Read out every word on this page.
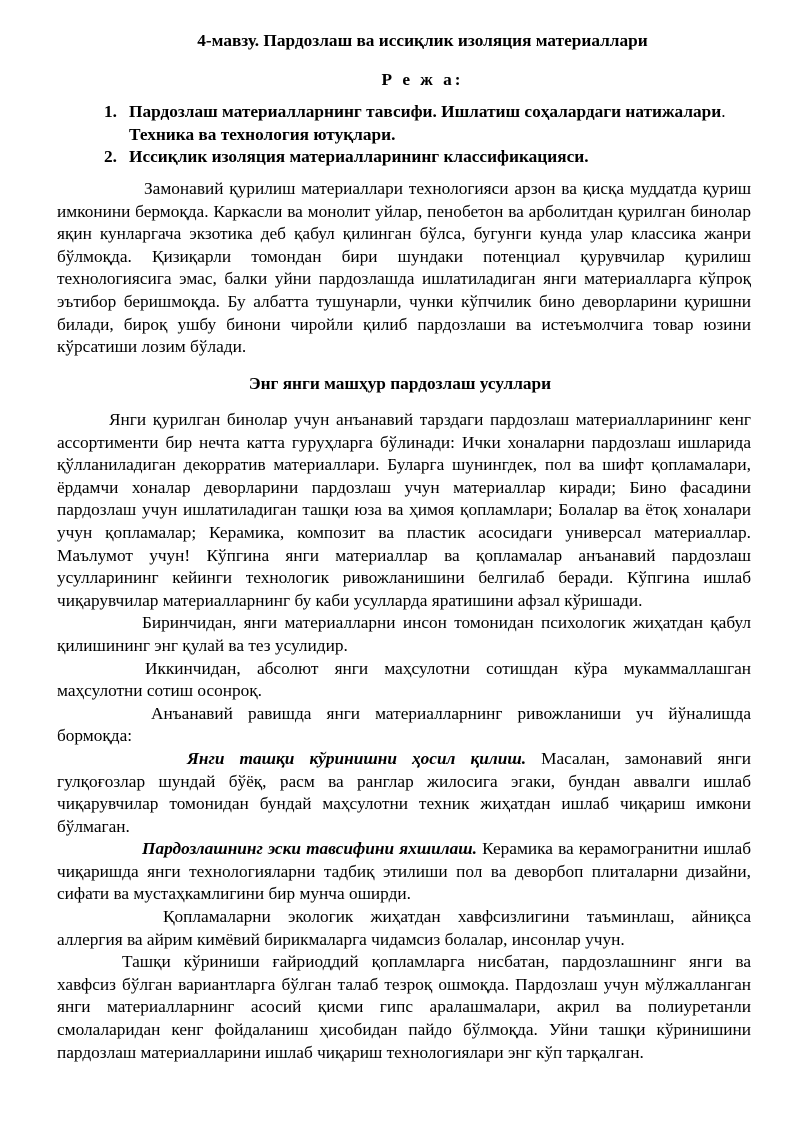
4-мавзу. Пардозлаш ва иссиқлик изоляция материаллари
Р е ж а:
1. Пардозлаш материалларнинг тавсифи. Ишлатиш соҳалардаги натижалари.
Техника ва технология ютуқлари.
2. Иссиқлик изоляция материалларининг классификацияси.

Замонавий қурилиш материаллари технологияси арзон ва қисқа муддатда қуриш имконини бермоқда. Каркасли ва монолит уйлар, пенобетон ва арболитдан қурилган бинолар яқин кунларгача экзотика деб қабул қилинган бўлса, бугунги кунда улар классика жанри бўлмоқда. Қизиқарли томондан бири шундаки потенциал қурувчилар қурилиш технологиясига эмас, балки уйни пардозлашда ишлатиладиган янги материалларга кўпроқ эътибор беришмоқда. Бу албатта тушунарли, чунки кўпчилик бино деворларини қуришни билади, бироқ ушбу бинони чиройли қилиб пардозлаши ва истеъмолчига товар юзини кўрсатиши лозим бўлади.

Энг янги машҳур пардозлаш усуллари

Янги қурилган бинолар учун анъанавий тарздаги пардозлаш материалларининг кенг ассортименти бир нечта катта гуруҳларга бўлинади: Ички хоналарни пардозлаш ишларида қўлланиладиган декорратив материаллари. Буларга шунингдек, пол ва шифт қопламалари, ёрдамчи хоналар деворларини пардозлаш учун материаллар киради; Бино фасадини пардозлаш учун ишлатиладиган ташқи юза ва ҳимоя қопламлари; Болалар ва ётоқ хоналари учун қопламалар; Керамика, композит ва пластик асосидаги универсал материаллар. Маълумот учун! Кўпгина янги материаллар ва қопламалар анъанавий пардозлаш усулларининг кейинги технологик ривожланишини белгилаб беради. Кўпгина ишлаб чиқарувчилар материалларнинг бу каби усулларда яратишини афзал кўришади.

Биринчидан, янги материалларни инсон томонидан психологик жиҳатдан қабул қилишининг энг қулай ва тез усулидир.

Иккинчидан, абсолют янги маҳсулотни сотишдан кўра мукаммаллашган маҳсулотни сотиш осонроқ.

Анъанавий равишда янги материалларнинг ривожланиши уч йўналишда бормоқда:

Янги ташқи кўринишни ҳосил қилиш. Масалан, замонавий янги гулқоғозлар шундай бўёқ, расм ва ранглар жилосига эгаки, бундан аввалги ишлаб чиқарувчилар томонидан бундай маҳсулотни техник жиҳатдан ишлаб чиқариш имкони бўлмаган.

Пардозлашнинг эски тавсифини яхшилаш. Керамика ва керамогранитни ишлаб чиқаришда янги технологияларни тадбиқ этилиши пол ва деворбоп плиталарни дизайни, сифати ва мустаҳкамлигини бир мунча оширди.

Қопламаларни экологик жиҳатдан хавфсизлигини таъминлаш, айниқса аллергия ва айрим кимёвий бирикмаларга чидамсиз болалар, инсонлар учун.

Ташқи кўриниши ғайриоддий қопламларга нисбатан, пардозлашнинг янги ва хавфсиз бўлган вариантларга бўлган талаб тезроқ ошмоқда. Пардозлаш учун мўлжалланган янги материалларнинг асосий қисми гипс аралашмалари, акрил ва полиуретанли смолаларидан кенг фойдаланиш ҳисобидан пайдо бўлмоқда. Уйни ташқи кўринишини пардозлаш материалларини ишлаб чиқариш технологиялари энг кўп тарқалган.
